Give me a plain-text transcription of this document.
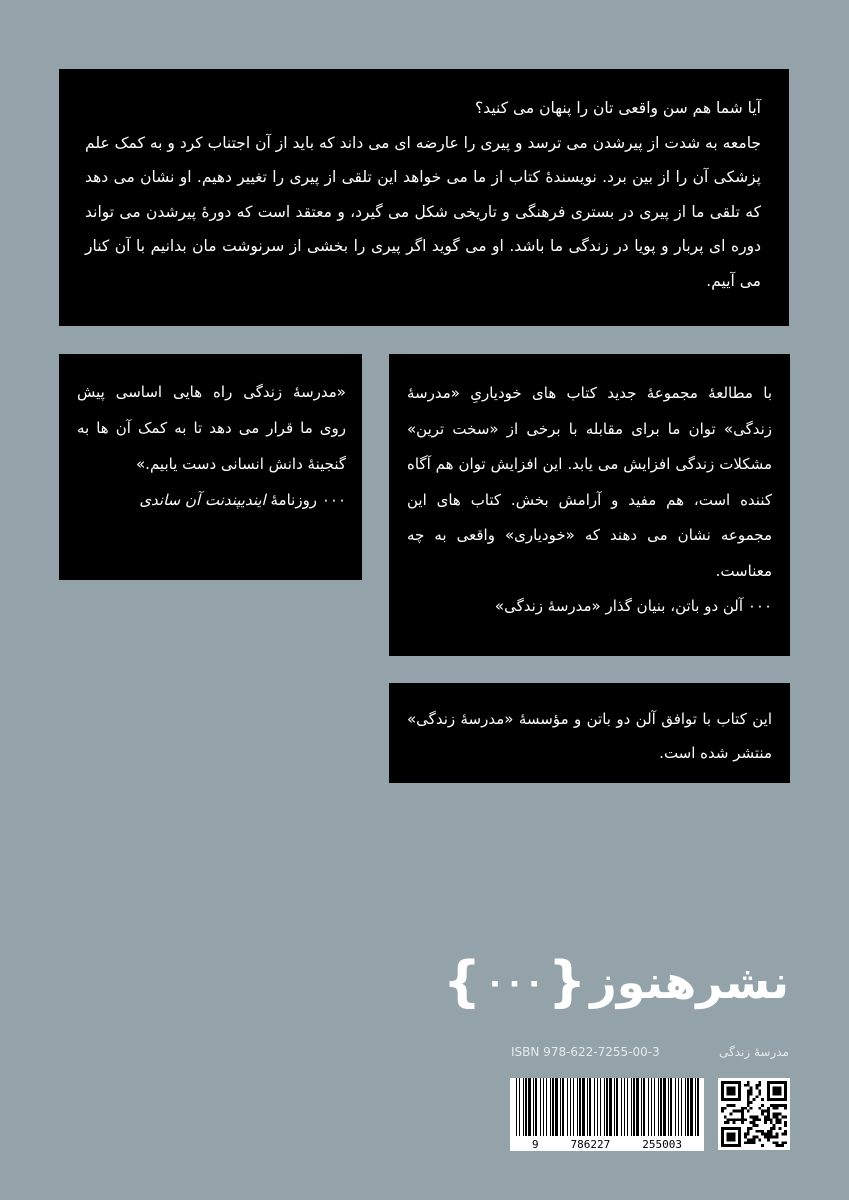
آیا شما هم سن واقعی تان را پنهان می کنید؟

جامعه به شدت از پیرشدن می ترسد و پیری را عارضه ای می داند که باید از آن اجتناب کرد و به کمک علم پزشکی آن را از بین برد. نویسندهٔ کتاب از ما می خواهد این تلقی از پیری را تغییر دهیم. او نشان می دهد که تلقی ما از پیری در بستری فرهنگی و تاریخی شکل می گیرد، و معتقد است که دورهٔ پیرشدن می تواند دوره ای پربار و پویا در زندگی ما باشد. او می گوید اگر پیری را بخشی از سرنوشت مان بدانیم با آن کنار می آییم.

«مدرسهٔ زندگی راه هایی اساسی پیش روی ما قرار می دهد تا به کمک آن ها به گنجینهٔ دانش انسانی دست یابیم.»

٠٠٠ روزنامهٔ ایندیپندنت آن ساندی

با مطالعهٔ مجموعهٔ جدید کتاب های خودیاریِ «مدرسهٔ زندگی» توان ما برای مقابله با برخی از «سخت ترین» مشکلات زندگی افزایش می یابد. این افزایش توان هم آگاه کننده است، هم مفید و آرامش بخش. کتاب های این مجموعه نشان می دهند که «خودیاری» واقعی به چه معناست.

٠٠٠ آلن دو باتن، بنیان گذار «مدرسهٔ زندگی»

این کتاب با توافق آلن دو باتن و مؤسسهٔ «مدرسهٔ زندگی» منتشر شده است.

نشرهنوز
{
٠٠٠
}
ISBN 978-622-7255-00-3	مدرسهٔ زندگی
9	786227	255003
